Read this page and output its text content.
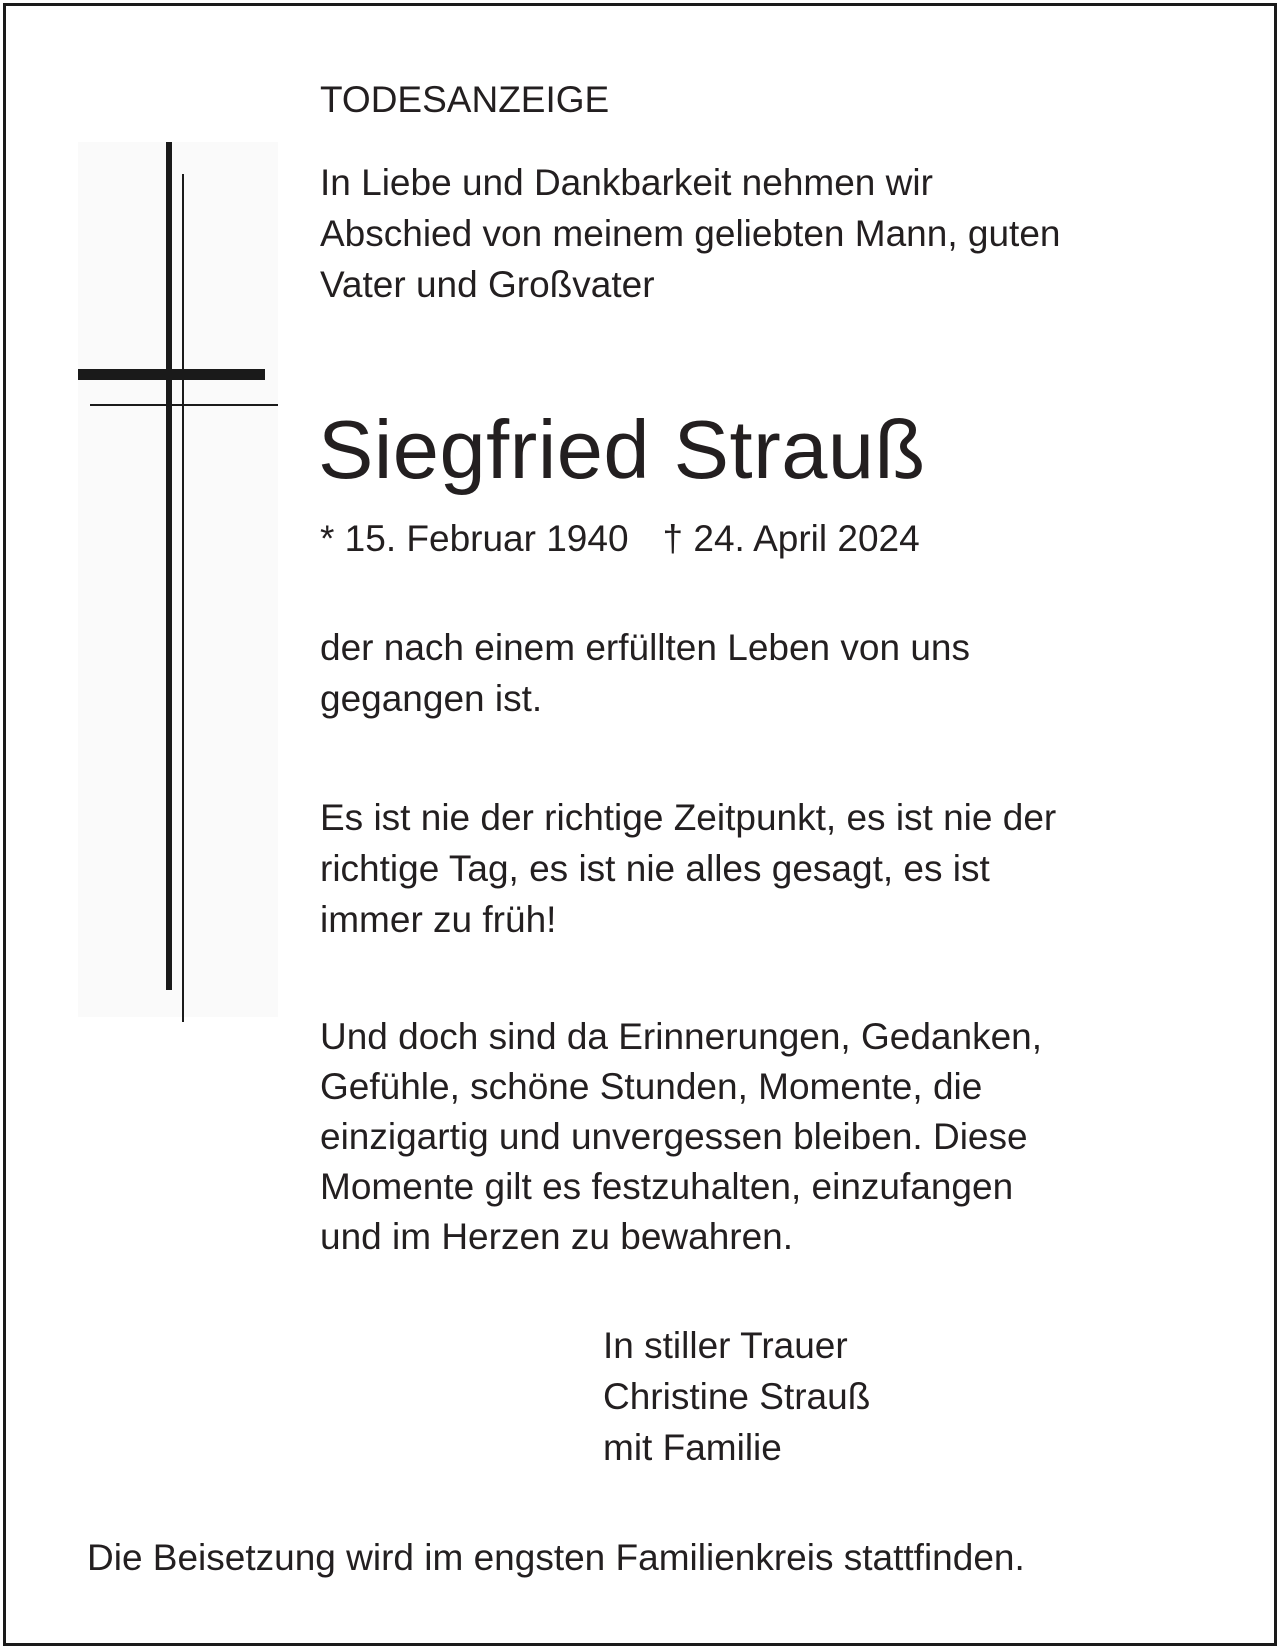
TODESANZEIGE

In Liebe und Dankbarkeit nehmen wir
Abschied von meinem geliebten Mann, guten
Vater und Großvater

Siegfried Strauß

* 15. Februar 1940 † 24. April 2024

der nach einem erfüllten Leben von uns
gegangen ist.

Es ist nie der richtige Zeitpunkt, es ist nie der
richtige Tag, es ist nie alles gesagt, es ist
immer zu früh!

Und doch sind da Erinnerungen, Gedanken,
Gefühle, schöne Stunden, Momente, die
einzigartig und unvergessen bleiben. Diese
Momente gilt es festzuhalten, einzufangen
und im Herzen zu bewahren.

In stiller Trauer
Christine Strauß
mit Familie

Die Beisetzung wird im engsten Familienkreis stattfinden.
